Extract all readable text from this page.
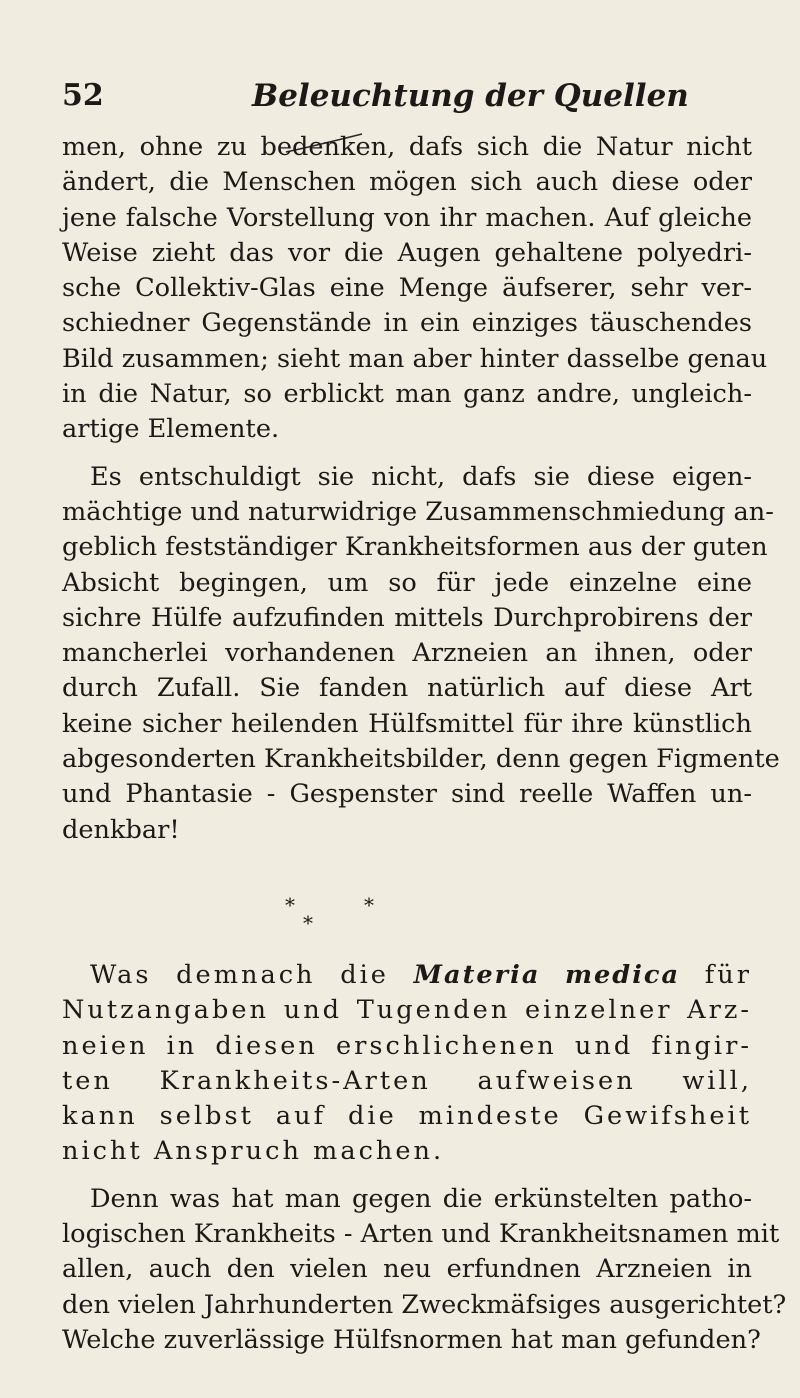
52	Beleuchtung der Quellen
men, ohne zu bedenken, dafs sich die Natur nicht
ändert, die Menschen mögen sich auch diese oder
jene falsche Vorstellung von ihr machen. Auf gleiche
Weise zieht das vor die Augen gehaltene polyedri-
sche Collektiv-Glas eine Menge äufserer, sehr ver-
schiedner Gegenstände in ein einziges täuschendes
Bild zusammen; sieht man aber hinter dasselbe genau
in die Natur, so erblickt man ganz andre, ungleich-
artige Elemente.
Es entschuldigt sie nicht, dafs sie diese eigen-
mächtige und naturwidrige Zusammenschmiedung an-
geblich festständiger Krankheitsformen aus der guten
Absicht begingen, um so für jede einzelne eine
sichre Hülfe aufzufinden mittels Durchprobirens der
mancherlei vorhandenen Arzneien an ihnen, oder
durch Zufall. Sie fanden natürlich auf diese Art
keine sicher heilenden Hülfsmittel für ihre künstlich
abgesonderten Krankheitsbilder, denn gegen Figmente
und Phantasie - Gespenster sind reelle Waffen un-
denkbar!
*
*
*
Was demnach die Materia medica für
Nutzangaben und Tugenden einzelner Arz-
neien in diesen erschlichenen und fingir-
ten Krankheits-Arten aufweisen will,
kann selbst auf die mindeste Gewifsheit
nicht Anspruch machen.
Denn was hat man gegen die erkünstelten patho-
logischen Krankheits - Arten und Krankheitsnamen mit
allen, auch den vielen neu erfundnen Arzneien in
den vielen Jahrhunderten Zweckmäfsiges ausgerichtet?
Welche zuverlässige Hülfsnormen hat man gefunden?
